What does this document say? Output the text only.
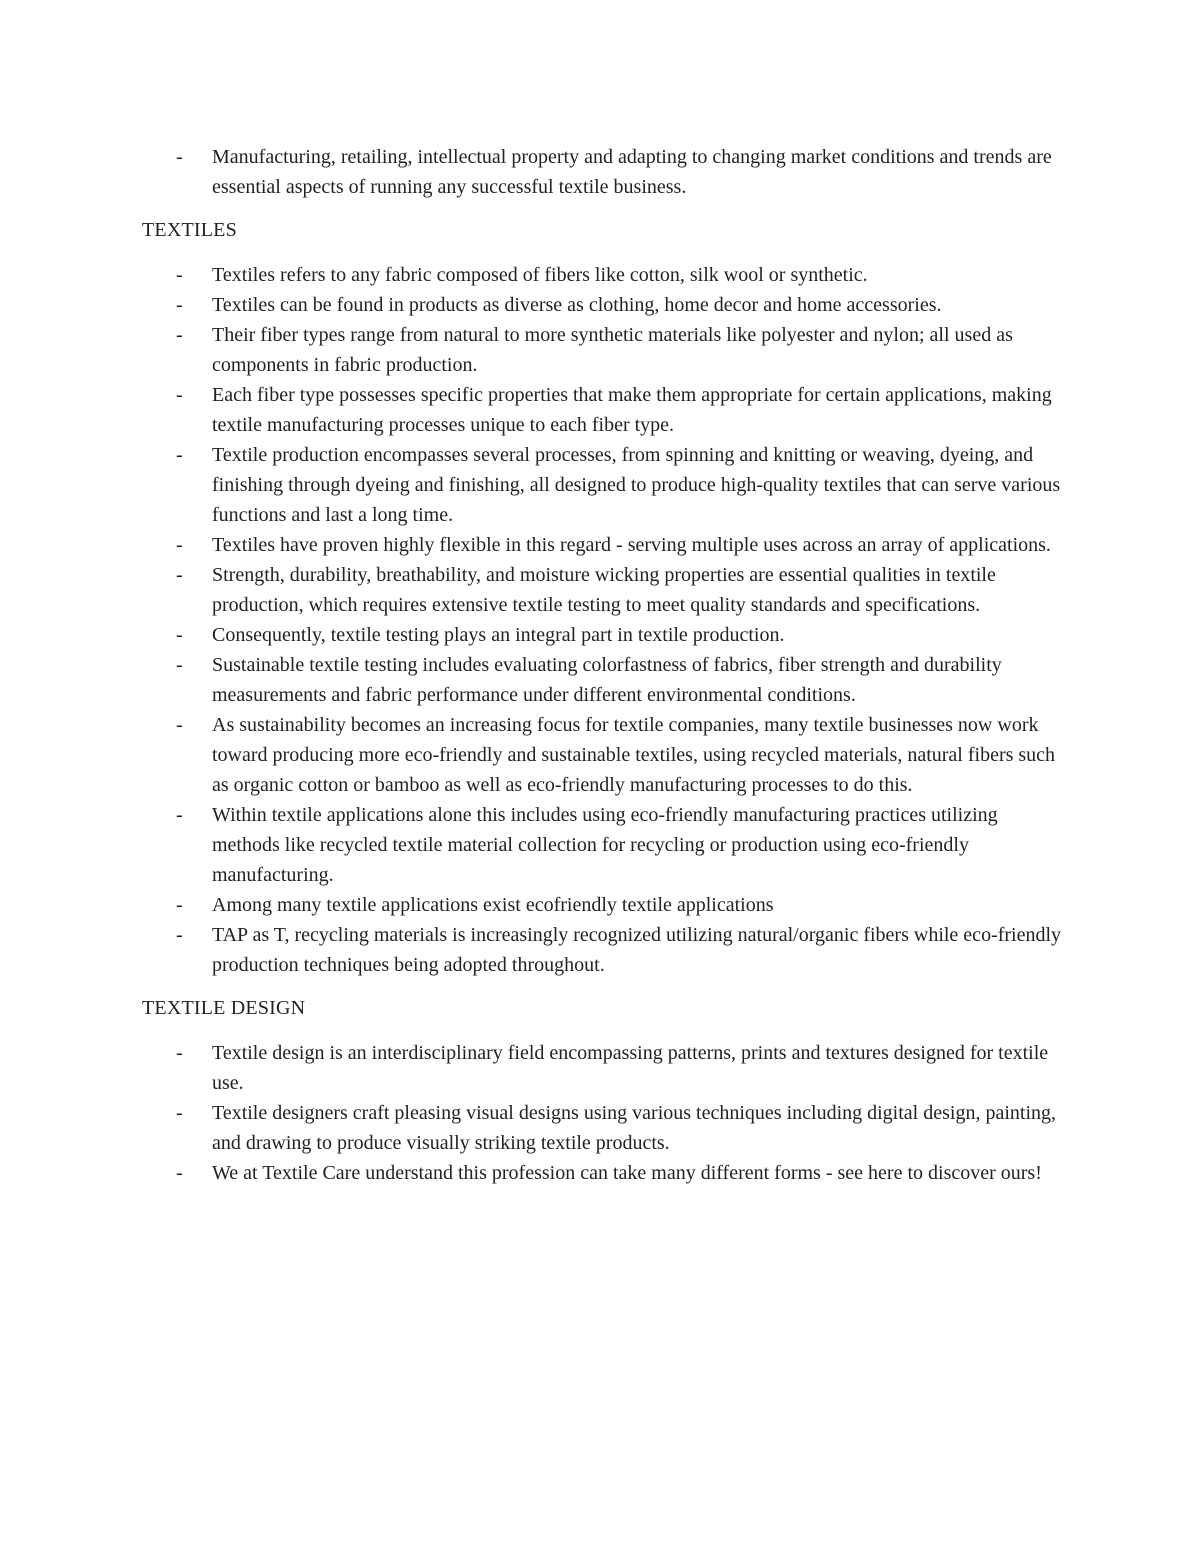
- Manufacturing, retailing, intellectual property and adapting to changing market conditions and trends are essential aspects of running any successful textile business.
TEXTILES
- Textiles refers to any fabric composed of fibers like cotton, silk wool or synthetic.
- Textiles can be found in products as diverse as clothing, home decor and home accessories.
- Their fiber types range from natural to more synthetic materials like polyester and nylon; all used as components in fabric production.
- Each fiber type possesses specific properties that make them appropriate for certain applications, making textile manufacturing processes unique to each fiber type.
- Textile production encompasses several processes, from spinning and knitting or weaving, dyeing, and finishing through dyeing and finishing, all designed to produce high-quality textiles that can serve various functions and last a long time.
- Textiles have proven highly flexible in this regard - serving multiple uses across an array of applications.
- Strength, durability, breathability, and moisture wicking properties are essential qualities in textile production, which requires extensive textile testing to meet quality standards and specifications.
- Consequently, textile testing plays an integral part in textile production.
- Sustainable textile testing includes evaluating colorfastness of fabrics, fiber strength and durability measurements and fabric performance under different environmental conditions.
- As sustainability becomes an increasing focus for textile companies, many textile businesses now work toward producing more eco-friendly and sustainable textiles, using recycled materials, natural fibers such as organic cotton or bamboo as well as eco-friendly manufacturing processes to do this.
- Within textile applications alone this includes using eco-friendly manufacturing practices utilizing methods like recycled textile material collection for recycling or production using eco-friendly manufacturing.
- Among many textile applications exist ecofriendly textile applications
- TAP as T, recycling materials is increasingly recognized utilizing natural/organic fibers while eco-friendly production techniques being adopted throughout.
TEXTILE DESIGN
- Textile design is an interdisciplinary field encompassing patterns, prints and textures designed for textile use.
- Textile designers craft pleasing visual designs using various techniques including digital design, painting, and drawing to produce visually striking textile products.
- We at Textile Care understand this profession can take many different forms - see here to discover ours!
